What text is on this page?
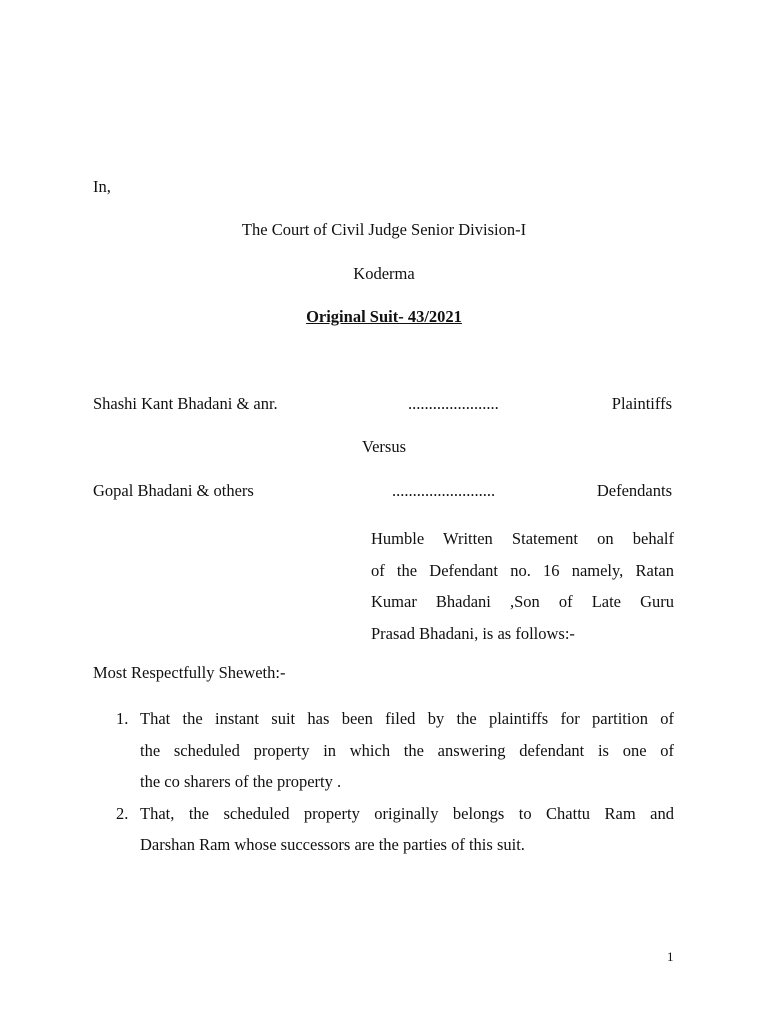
In,
The Court of Civil Judge Senior Division-I
Koderma
Original Suit- 43/2021
Shashi Kant Bhadani & anr.	......................	Plaintiffs
Versus
Gopal Bhadani & others	.........................	Defendants
Humble Written Statement on behalf
of the Defendant no. 16 namely, Ratan
Kumar Bhadani ,Son of Late Guru
Prasad Bhadani, is as follows:-
Most Respectfully Sheweth:-
1. That the instant suit has been filed by the plaintiffs for partition of
the scheduled property in which the answering defendant is one of
the co sharers of the property .
2. That, the scheduled property originally belongs to Chattu Ram and
Darshan Ram whose successors are the parties of this suit.
1
